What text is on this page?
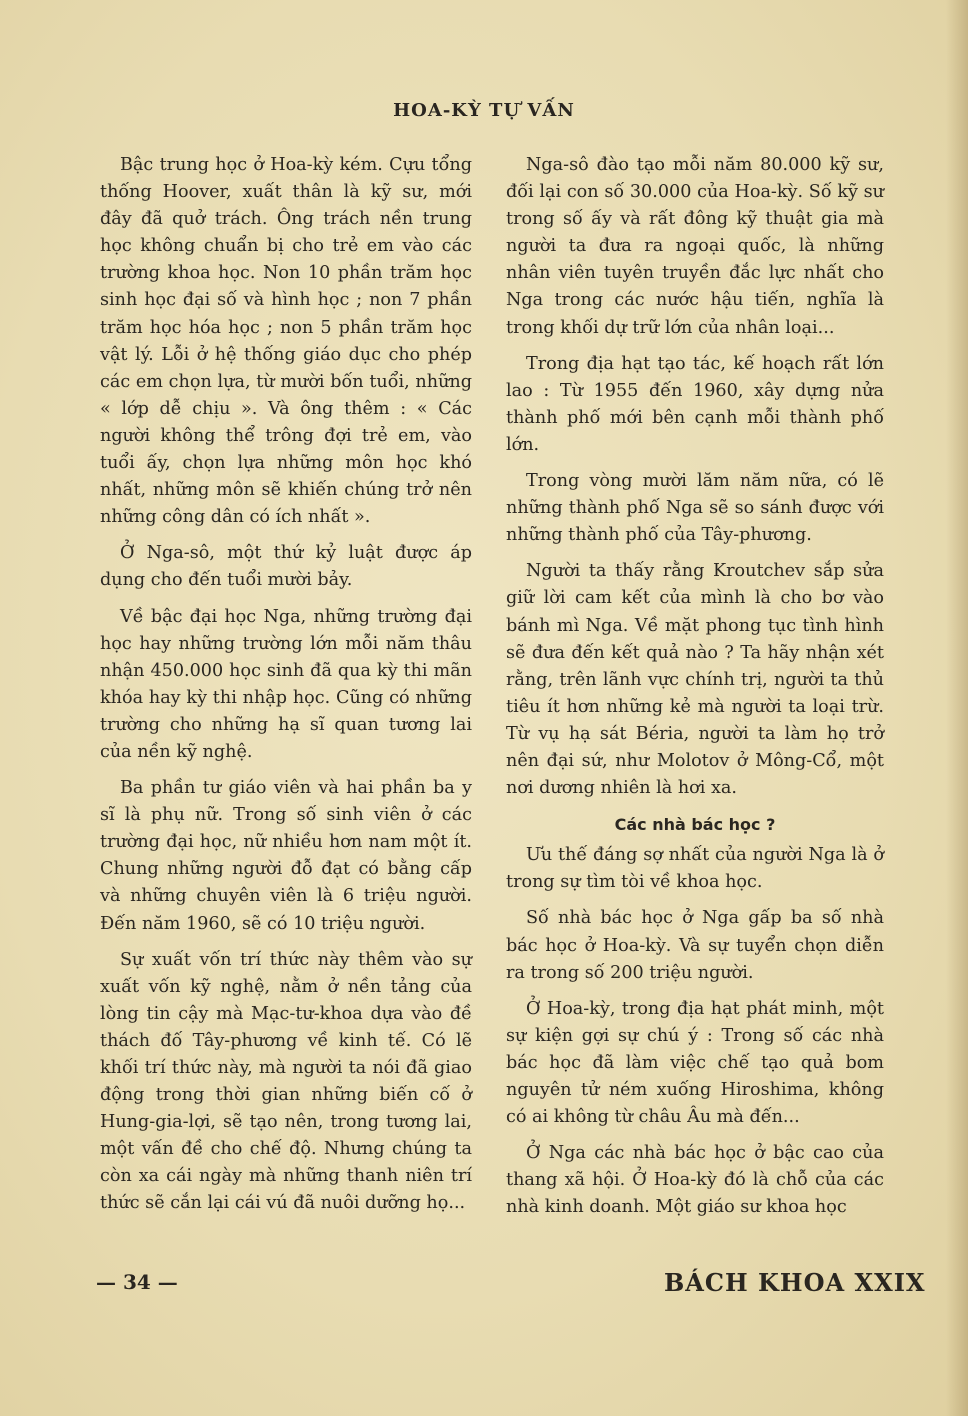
HOA-KỲ TỰ VẤN

Bậc trung học ở Hoa-kỳ kém. Cựu tổng thống Hoover, xuất thân là kỹ sư, mới đây đã quở trách. Ông trách nền trung học không chuẩn bị cho trẻ em vào các trường khoa học. Non 10 phần trăm học sinh học đại số và hình học ; non 7 phần trăm học hóa học ; non 5 phần trăm học vật lý. Lỗi ở hệ thống giáo dục cho phép các em chọn lựa, từ mười bốn tuổi, những « lớp dễ chịu ». Và ông thêm : « Các người không thể trông đợi trẻ em, vào tuổi ấy, chọn lựa những môn học khó nhất, những môn sẽ khiến chúng trở nên những công dân có ích nhất ».

Ở Nga-sô, một thứ kỷ luật được áp dụng cho đến tuổi mười bảy.

Về bậc đại học Nga, những trường đại học hay những trường lớn mỗi năm thâu nhận 450.000 học sinh đã qua kỳ thi mãn khóa hay kỳ thi nhập học. Cũng có những trường cho những hạ sĩ quan tương lai của nền kỹ nghệ.

Ba phần tư giáo viên và hai phần ba y sĩ là phụ nữ. Trong số sinh viên ở các trường đại học, nữ nhiều hơn nam một ít. Chung những người đỗ đạt có bằng cấp và những chuyên viên là 6 triệu người. Đến năm 1960, sẽ có 10 triệu người.

Sự xuất vốn trí thức này thêm vào sự xuất vốn kỹ nghệ, nằm ở nền tảng của lòng tin cậy mà Mạc-tư-khoa dựa vào đề thách đố Tây-phương về kinh tế. Có lẽ khối trí thức này, mà người ta nói đã giao động trong thời gian những biến cố ở Hung-gia-lợi, sẽ tạo nên, trong tương lai, một vấn đề cho chế độ. Nhưng chúng ta còn xa cái ngày mà những thanh niên trí thức sẽ cắn lại cái vú đã nuôi dưỡng họ...

Nga-sô đào tạo mỗi năm 80.000 kỹ sư, đối lại con số 30.000 của Hoa-kỳ. Số kỹ sư trong số ấy và rất đông kỹ thuật gia mà người ta đưa ra ngoại quốc, là những nhân viên tuyên truyền đắc lực nhất cho Nga trong các nước hậu tiến, nghĩa là trong khối dự trữ lớn của nhân loại...

Trong địa hạt tạo tác, kế hoạch rất lớn lao : Từ 1955 đến 1960, xây dựng nửa thành phố mới bên cạnh mỗi thành phố lớn.

Trong vòng mười lăm năm nữa, có lẽ những thành phố Nga sẽ so sánh được với những thành phố của Tây-phương.

Người ta thấy rằng Kroutchev sắp sửa giữ lời cam kết của mình là cho bơ vào bánh mì Nga. Về mặt phong tục tình hình sẽ đưa đến kết quả nào ? Ta hãy nhận xét rằng, trên lãnh vực chính trị, người ta thủ tiêu ít hơn những kẻ mà người ta loại trừ. Từ vụ hạ sát Béria, người ta làm họ trở nên đại sứ, như Molotov ở Mông-Cổ, một nơi dương nhiên là hơi xa.

Các nhà bác học ?

Ưu thế đáng sợ nhất của người Nga là ở trong sự tìm tòi về khoa học.

Số nhà bác học ở Nga gấp ba số nhà bác học ở Hoa-kỳ. Và sự tuyển chọn diễn ra trong số 200 triệu người.

Ở Hoa-kỳ, trong địa hạt phát minh, một sự kiện gợi sự chú ý : Trong số các nhà bác học đã làm việc chế tạo quả bom nguyên tử ném xuống Hiroshima, không có ai không từ châu Âu mà đến...

Ở Nga các nhà bác học ở bậc cao của thang xã hội. Ở Hoa-kỳ đó là chỗ của các nhà kinh doanh. Một giáo sư khoa học

— 34 —	BÁCH KHOA XXIX
